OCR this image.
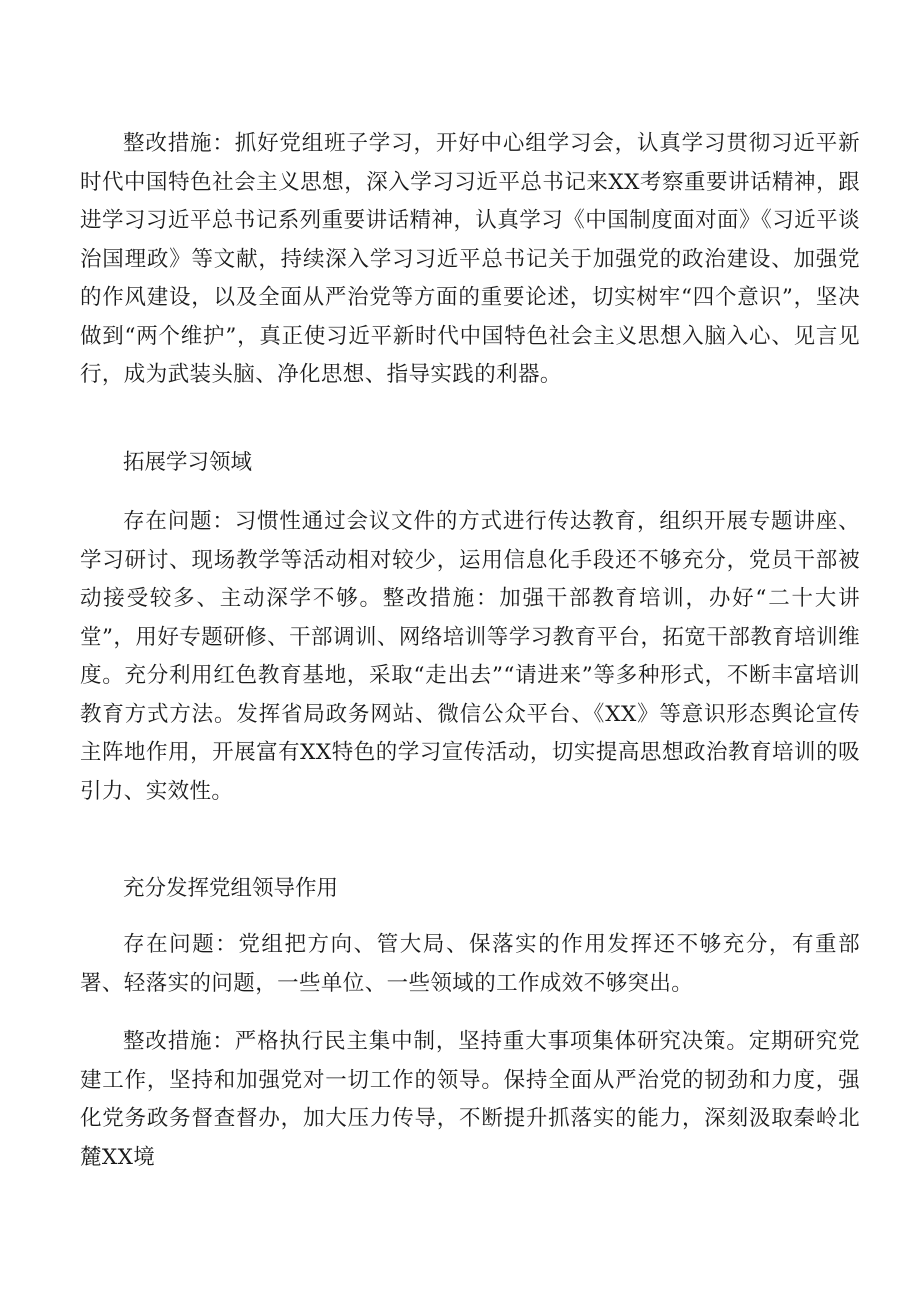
整改措施：抓好党组班子学习，开好中心组学习会，认真学习贯彻习近平新时代中国特色社会主义思想，深入学习习近平总书记来XX考察重要讲话精神，跟进学习习近平总书记系列重要讲话精神，认真学习《中国制度面对面》《习近平谈治国理政》等文献，持续深入学习习近平总书记关于加强党的政治建设、加强党的作风建设，以及全面从严治党等方面的重要论述，切实树牢“四个意识”，坚决做到“两个维护”，真正使习近平新时代中国特色社会主义思想入脑入心、见言见行，成为武装头脑、净化思想、指导实践的利器。

拓展学习领域

存在问题：习惯性通过会议文件的方式进行传达教育，组织开展专题讲座、学习研讨、现场教学等活动相对较少，运用信息化手段还不够充分，党员干部被动接受较多、主动深学不够。整改措施：加强干部教育培训，办好“二十大讲堂”，用好专题研修、干部调训、网络培训等学习教育平台，拓宽干部教育培训维度。充分利用红色教育基地，采取“走出去”“请进来”等多种形式，不断丰富培训教育方式方法。发挥省局政务网站、微信公众平台、《XX》等意识形态舆论宣传主阵地作用，开展富有XX特色的学习宣传活动，切实提高思想政治教育培训的吸引力、实效性。

充分发挥党组领导作用

存在问题：党组把方向、管大局、保落实的作用发挥还不够充分，有重部署、轻落实的问题，一些单位、一些领域的工作成效不够突出。

整改措施：严格执行民主集中制，坚持重大事项集体研究决策。定期研究党建工作，坚持和加强党对一切工作的领导。保持全面从严治党的韧劲和力度，强化党务政务督查督办，加大压力传导，不断提升抓落实的能力，深刻汲取秦岭北麓XX境
